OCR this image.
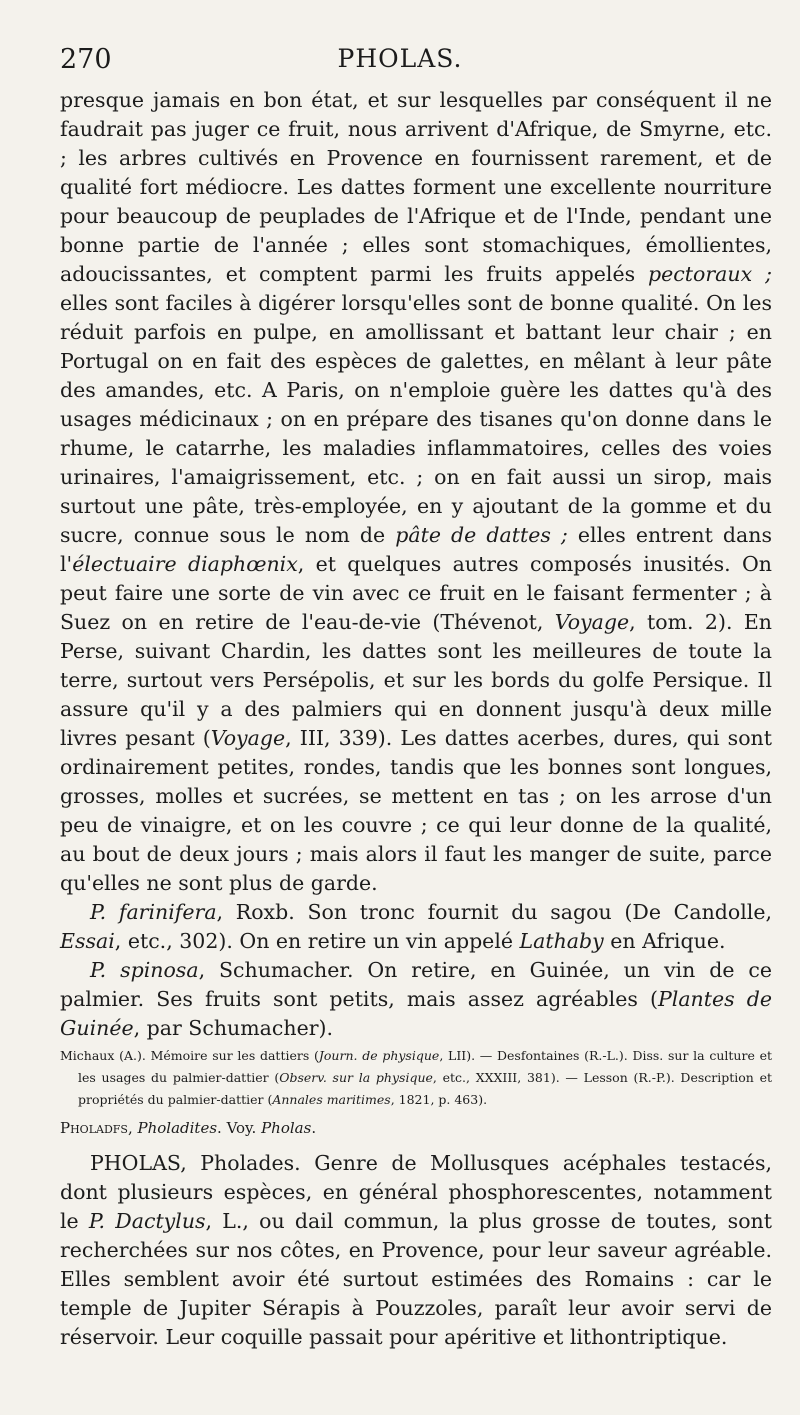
270	PHOLAS.

presque jamais en bon état, et sur lesquelles par conséquent il ne faudrait pas juger ce fruit, nous arrivent d'Afrique, de Smyrne, etc. ; les arbres cultivés en Provence en fournissent rarement, et de qualité fort médiocre. Les dattes forment une excellente nourriture pour beaucoup de peuplades de l'Afrique et de l'Inde, pendant une bonne partie de l'année ; elles sont stomachiques, émollientes, adoucissantes, et comptent parmi les fruits appelés pectoraux ; elles sont faciles à digérer lorsqu'elles sont de bonne qualité. On les réduit parfois en pulpe, en amollissant et battant leur chair ; en Portugal on en fait des espèces de galettes, en mêlant à leur pâte des amandes, etc. A Paris, on n'emploie guère les dattes qu'à des usages médicinaux ; on en prépare des tisanes qu'on donne dans le rhume, le catarrhe, les maladies inflammatoires, celles des voies urinaires, l'amaigrissement, etc. ; on en fait aussi un sirop, mais surtout une pâte, très-employée, en y ajoutant de la gomme et du sucre, connue sous le nom de pâte de dattes ; elles entrent dans l'électuaire diaphœnix, et quelques autres composés inusités. On peut faire une sorte de vin avec ce fruit en le faisant fermenter ; à Suez on en retire de l'eau-de-vie (Thévenot, Voyage, tom. 2). En Perse, suivant Chardin, les dattes sont les meilleures de toute la terre, surtout vers Persépolis, et sur les bords du golfe Persique. Il assure qu'il y a des palmiers qui en donnent jusqu'à deux mille livres pesant (Voyage, III, 339). Les dattes acerbes, dures, qui sont ordinairement petites, rondes, tandis que les bonnes sont longues, grosses, molles et sucrées, se mettent en tas ; on les arrose d'un peu de vinaigre, et on les couvre ; ce qui leur donne de la qualité, au bout de deux jours ; mais alors il faut les manger de suite, parce qu'elles ne sont plus de garde.

P. farinifera, Roxb. Son tronc fournit du sagou (De Candolle, Essai, etc., 302). On en retire un vin appelé Lathaby en Afrique.

P. spinosa, Schumacher. On retire, en Guinée, un vin de ce palmier. Ses fruits sont petits, mais assez agréables (Plantes de Guinée, par Schumacher).

Michaux (A.). Mémoire sur les dattiers (Journ. de physique, LII). — Desfontaines (R.-L.). Diss. sur la culture et les usages du palmier-dattier (Observ. sur la physique, etc., XXXIII, 381). — Lesson (R.-P.). Description et propriétés du palmier-dattier (Annales maritimes, 1821, p. 463).

Pholadfs, Pholadites. Voy. Pholas.

PHOLAS, Pholades. Genre de Mollusques acéphales testacés, dont plusieurs espèces, en général phosphorescentes, notamment le P. Dactylus, L., ou dail commun, la plus grosse de toutes, sont recherchées sur nos côtes, en Provence, pour leur saveur agréable. Elles semblent avoir été surtout estimées des Romains : car le temple de Jupiter Sérapis à Pouzzoles, paraît leur avoir servi de réservoir. Leur coquille passait pour apéritive et lithontriptique.
